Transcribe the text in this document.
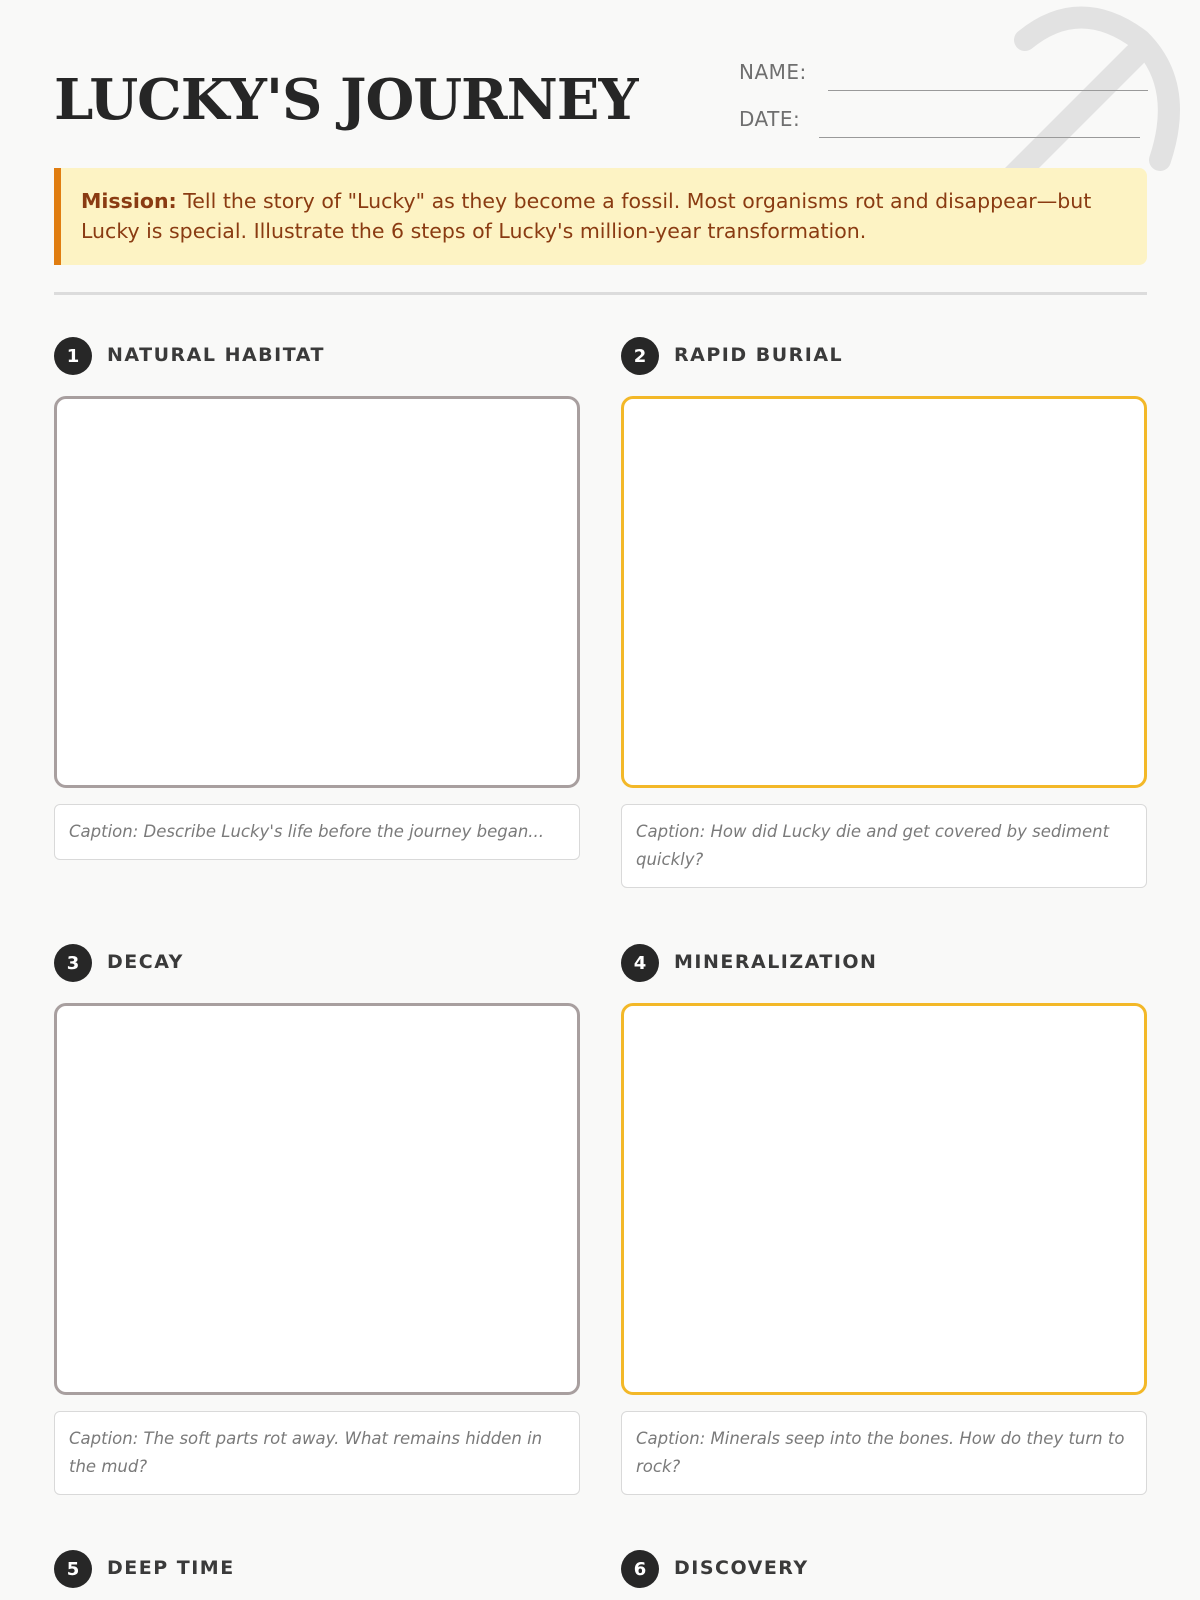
LUCKY'S JOURNEY	NAME:
DATE:
Mission: Tell the story of "Lucky" as they become a fossil. Most organisms rot and disappear—but Lucky is special. Illustrate the 6 steps of Lucky's million-year transformation.
1	NATURAL HABITAT
Caption: Describe Lucky's life before the journey began...
2	RAPID BURIAL
Caption: How did Lucky die and get covered by sediment quickly?
3	DECAY
Caption: The soft parts rot away. What remains hidden in the mud?
4	MINERALIZATION
Caption: Minerals seep into the bones. How do they turn to rock?
5	DEEP TIME	6	DISCOVERY
